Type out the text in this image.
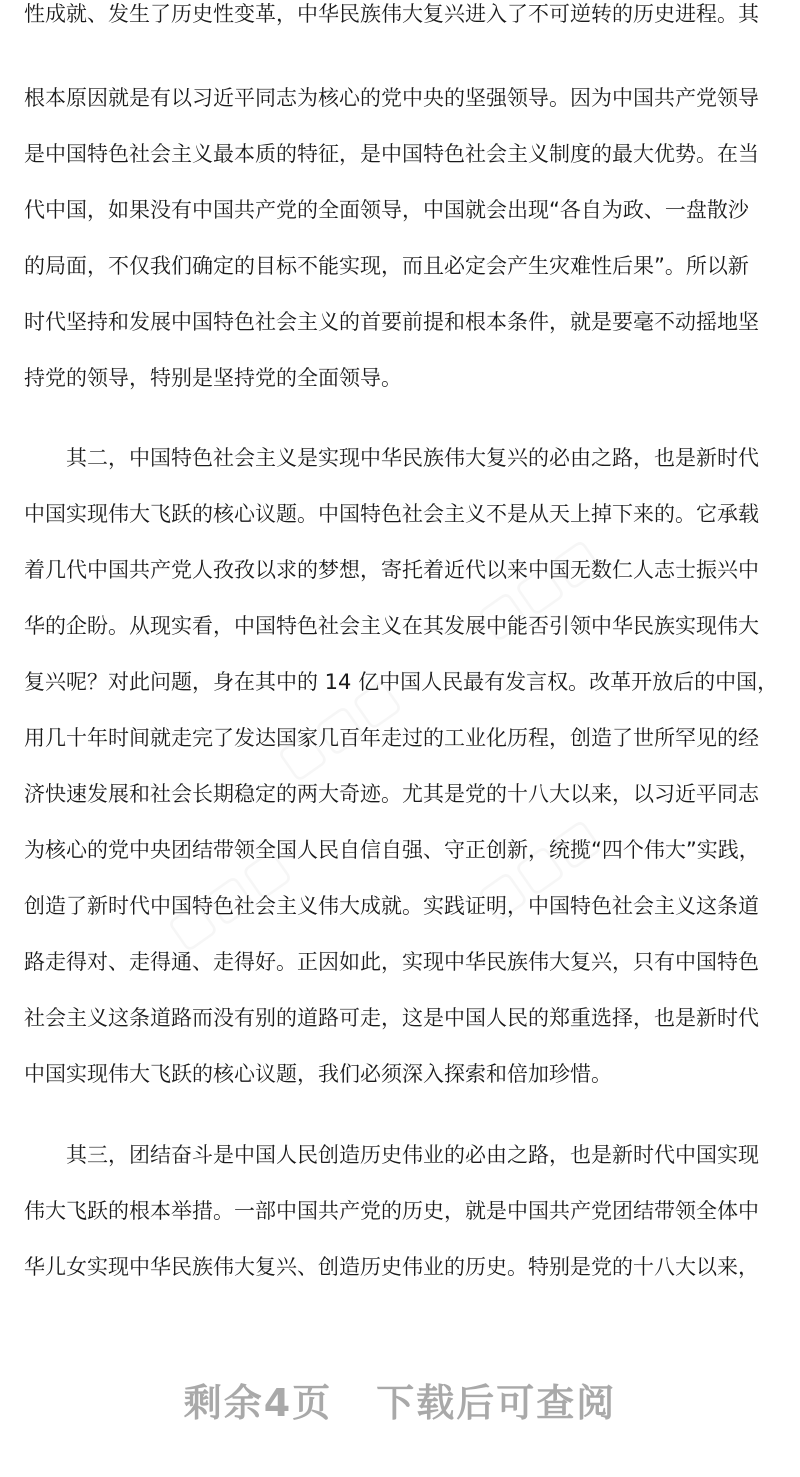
性成就、发生了历史性变革，中华民族伟大复兴进入了不可逆转的历史进程。其
根本原因就是有以习近平同志为核心的党中央的坚强领导。因为中国共产党领导
是中国特色社会主义最本质的特征，是中国特色社会主义制度的最大优势。在当
代中国，如果没有中国共产党的全面领导，中国就会出现“各自为政、一盘散沙
的局面，不仅我们确定的目标不能实现，而且必定会产生灾难性后果”。所以新
时代坚持和发展中国特色社会主义的首要前提和根本条件，就是要毫不动摇地坚
持党的领导，特别是坚持党的全面领导。
　　其二，中国特色社会主义是实现中华民族伟大复兴的必由之路，也是新时代
中国实现伟大飞跃的核心议题。中国特色社会主义不是从天上掉下来的。它承载
着几代中国共产党人孜孜以求的梦想，寄托着近代以来中国无数仁人志士振兴中
华的企盼。从现实看，中国特色社会主义在其发展中能否引领中华民族实现伟大
复兴呢？对此问题，身在其中的 14 亿中国人民最有发言权。改革开放后的中国，
用几十年时间就走完了发达国家几百年走过的工业化历程，创造了世所罕见的经
济快速发展和社会长期稳定的两大奇迹。尤其是党的十八大以来，以习近平同志
为核心的党中央团结带领全国人民自信自强、守正创新，统揽“四个伟大”实践，
创造了新时代中国特色社会主义伟大成就。实践证明，中国特色社会主义这条道
路走得对、走得通、走得好。正因如此，实现中华民族伟大复兴，只有中国特色
社会主义这条道路而没有别的道路可走，这是中国人民的郑重选择，也是新时代
中国实现伟大飞跃的核心议题，我们必须深入探索和倍加珍惜。
　　其三，团结奋斗是中国人民创造历史伟业的必由之路，也是新时代中国实现
伟大飞跃的根本举措。一部中国共产党的历史，就是中国共产党团结带领全体中
华儿女实现中华民族伟大复兴、创造历史伟业的历史。特别是党的十八大以来，
剩余4页 下载后可查阅
